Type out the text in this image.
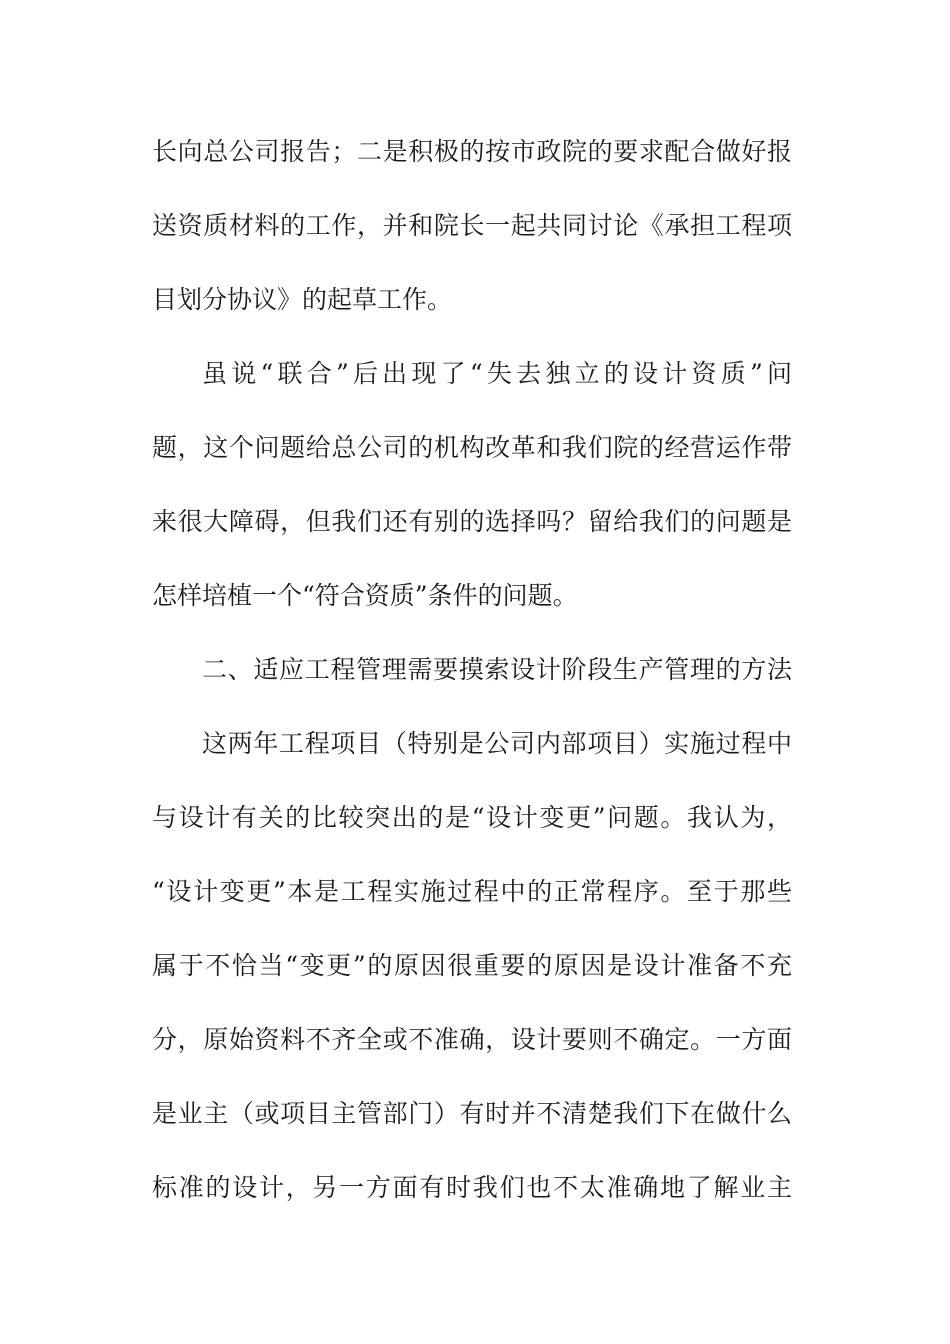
长向总公司报告；二是积极的按市政院的要求配合做好报
送资质材料的工作，并和院长一起共同讨论《承担工程项
目划分协议》的起草工作。
虽说“联合”后出现了“失去独立的设计资质”问
题，这个问题给总公司的机构改革和我们院的经营运作带
来很大障碍，但我们还有别的选择吗？留给我们的问题是
怎样培植一个“符合资质”条件的问题。
二、适应工程管理需要摸索设计阶段生产管理的方法
这两年工程项目（特别是公司内部项目）实施过程中
与设计有关的比较突出的是“设计变更”问题。我认为，
“设计变更”本是工程实施过程中的正常程序。至于那些
属于不恰当“变更”的原因很重要的原因是设计准备不充
分，原始资料不齐全或不准确，设计要则不确定。一方面
是业主（或项目主管部门）有时并不清楚我们下在做什么
标准的设计，另一方面有时我们也不太准确地了解业主
